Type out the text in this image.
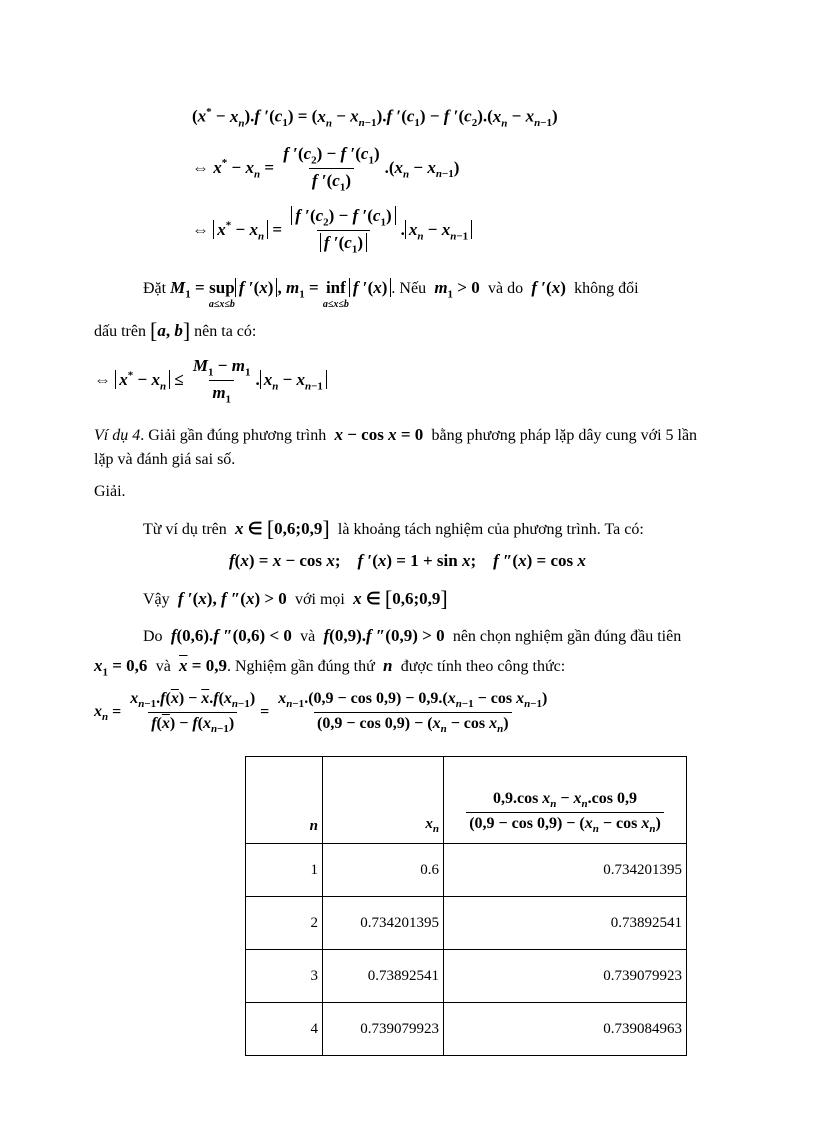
$(x^* - x_n).f$ $'(c_1) = (x_n - x_{n-1}).f$ $'(c_1) - f$ $'(c_2).(x_n - x_{n-1})$
⇔ $x^* - x_n = \frac{f '(c_2) - f '(c_1)}{f '(c_1)} .(x_n - x_{n-1})$
⇔ $x^* - x_n = \frac{f '(c_2) - f '(c_1)}{f '(c_1)}$ . $x_n - x_{n-1}$
Đặt $M_1$ = sup
a≤x≤b
f ′(x) , $m_1$ = inf
a≤x≤b
f ′(x) . Nếu $m_1 > 0$  và do f ′(x)  không đổi
dấu trên [a, b] nên ta có:
⇔ $x^* - x_n \le \frac{M_1 - m_1}{m_1}$ . $x_n - x_{n-1}$
Ví dụ 4. Giải gần đúng phương trình x − cos x = 0  bằng phương pháp lặp dây cung với 5 lần
lặp và đánh giá sai số.
Giải.
Từ ví dụ trên x ∈ [0,6;0,9] là khoảng tách nghiệm của phương trình. Ta có:
f(x) = x − cos x;    f ′(x) = 1 + sin x;    f ″(x) = cos x
Vậy f ′(x), f ″(x) > 0  với mọi x ∈ [0,6;0,9]
Do f(0,6).f ″(0,6) < 0  và f(0,9).f ″(0,9) > 0  nên chọn nghiệm gần đúng đầu tiên
$x_1 = 0,6$  và $\overline{x} = 0,9$. Nghiệm gần đúng thứ n được tính theo công thức:
$x_n = \frac{x_{n-1}.f(\overline{x}) - \overline{x}.f(x_{n-1})}{f(\overline{x}) - f(x_{n-1})} = \frac{x_{n-1}.(0,9 - \cos 0,9) - 0,9.(x_{n-1} - \cos x_{n-1})}{(0,9 - \cos 0,9) - (x_n - \cos x_n)}$
n	$x_n$	$\frac{0,9.\cos x_n - x_n.\cos 0,9}{(0,9 - \cos 0,9) - (x_n - \cos x_n)}$

1	0.6	0.734201395
2	0.734201395	0.73892541
3	0.73892541	0.739079923
4	0.739079923	0.739084963
